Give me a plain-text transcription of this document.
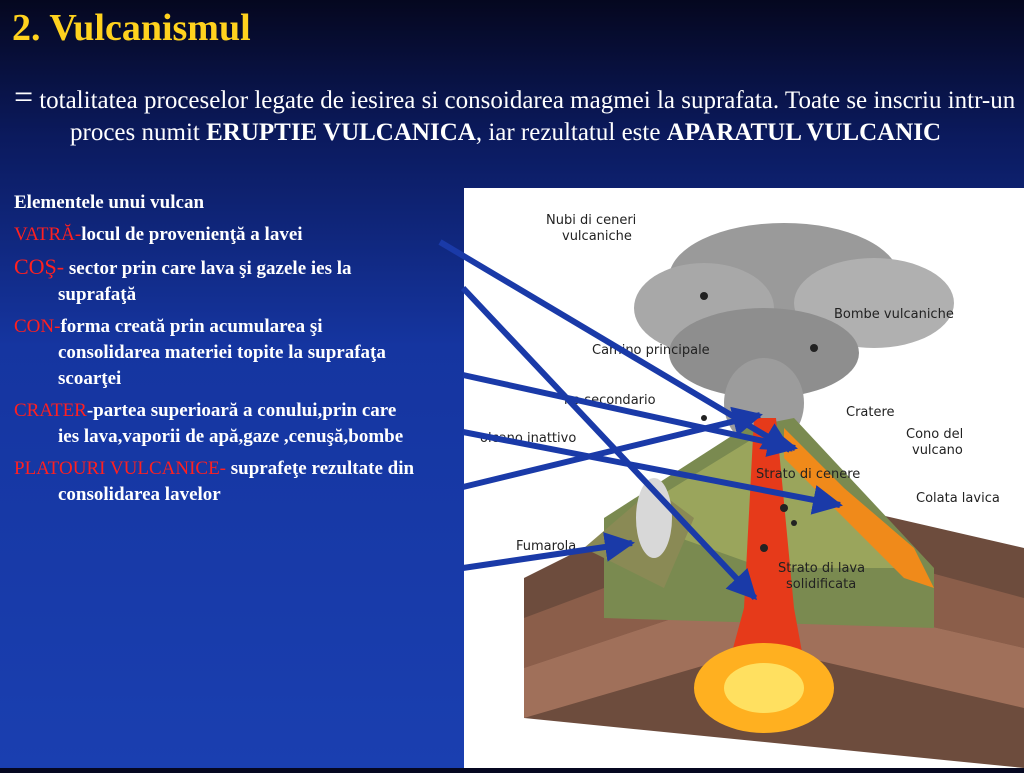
2. Vulcanismul
= totalitatea proceselor legate de iesirea si consoidarea magmei la suprafata. Toate se inscriu intr-un proces numit ERUPTIE VULCANICA, iar rezultatul este APARATUL VULCANIC
Elementele unui vulcan
VATRĂ-locul de provenienţă a lavei
COŞ- sector prin care lava şi gazele ies la suprafaţă
CON-forma creată prin acumularea şi consolidarea materiei topite la suprafaţa scoarţei
CRATER-partea superioară a conului,prin care ies lava,vaporii de apă,gaze ,cenuşă,bombe
PLATOURI VULCANICE- suprafeţe rezultate din consolidarea lavelor
Nubi di ceneri
vulcaniche
Bombe vulcaniche
Camino principale
no secondario
Cratere
Cono del
vulcano
olcano inattivo
Strato di cenere
Colata lavica
Fumarola
Strato di lava
solidificata
